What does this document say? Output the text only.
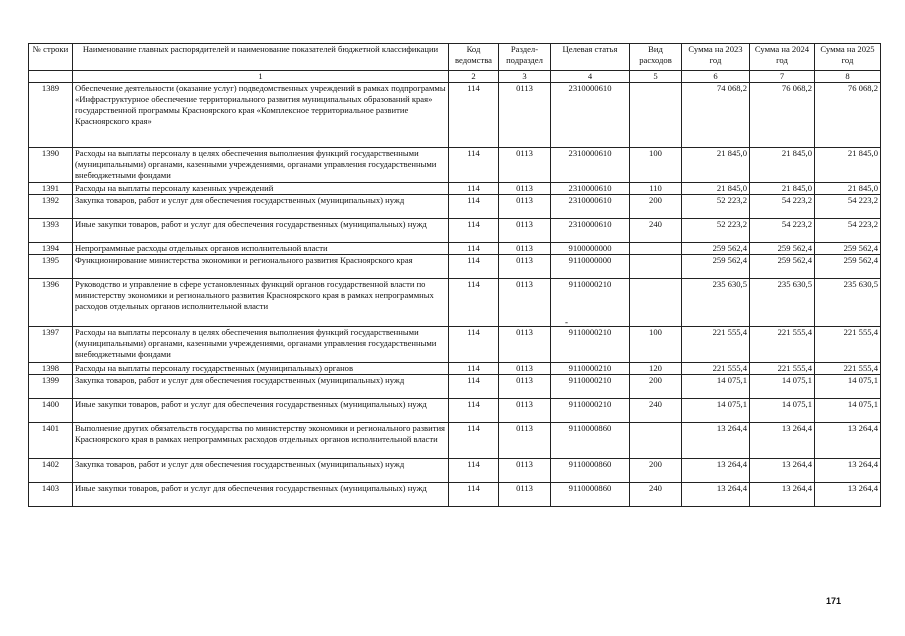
№ строки	Наименование главных распорядителей и наименование показателей бюджетной классификации	Код ведомства	Раздел-подраздел	Целевая статья	Вид расходов	Сумма на 2023 год	Сумма на 2024 год	Сумма на 2025 год
	1	2	3	4	5	6	7	8
1389	Обеспечение деятельности (оказание услуг) подведомственных учреждений в рамках подпрограммы «Инфраструктурное обеспечение территориального развития муниципальных образований края» государственной программы Красноярского края «Комплексное территориальное развитие Красноярского края»	114	0113	2310000610		74 068,2	76 068,2	76 068,2
1390	Расходы на выплаты персоналу в целях обеспечения выполнения функций государственными (муниципальными) органами, казенными учреждениями, органами управления государственными внебюджетными фондами	114	0113	2310000610	100	21 845,0	21 845,0	21 845,0
1391	Расходы на выплаты персоналу казенных учреждений	114	0113	2310000610	110	21 845,0	21 845,0	21 845,0
1392	Закупка товаров, работ и услуг для обеспечения государственных (муниципальных) нужд	114	0113	2310000610	200	52 223,2	54 223,2	54 223,2
1393	Иные закупки товаров, работ и услуг для обеспечения государственных (муниципальных) нужд	114	0113	2310000610	240	52 223,2	54 223,2	54 223,2
1394	Непрограммные расходы отдельных органов исполнительной власти	114	0113	9100000000		259 562,4	259 562,4	259 562,4
1395	Функционирование министерства экономики и регионального развития Красноярского края	114	0113	9110000000		259 562,4	259 562,4	259 562,4
1396	Руководство и управление в сфере установленных функций органов государственной власти по министерству экономики и регионального развития Красноярского края в рамках непрограммных расходов отдельных органов исполнительной власти	114	0113	9110000210		235 630,5	235 630,5	235 630,5
1397	Расходы на выплаты персоналу в целях обеспечения выполнения функций государственными (муниципальными) органами, казенными учреждениями, органами управления государственными внебюджетными фондами	114	0113	9110000210	100	221 555,4	221 555,4	221 555,4
1398	Расходы на выплаты персоналу государственных (муниципальных) органов	114	0113	9110000210	120	221 555,4	221 555,4	221 555,4
1399	Закупка товаров, работ и услуг для обеспечения государственных (муниципальных) нужд	114	0113	9110000210	200	14 075,1	14 075,1	14 075,1
1400	Иные закупки товаров, работ и услуг для обеспечения государственных (муниципальных) нужд	114	0113	9110000210	240	14 075,1	14 075,1	14 075,1
1401	Выполнение других обязательств государства по министерству экономики и регионального развития Красноярского края в рамках непрограммных расходов отдельных органов исполнительной власти	114	0113	9110000860		13 264,4	13 264,4	13 264,4
1402	Закупка товаров, работ и услуг для обеспечения государственных (муниципальных) нужд	114	0113	9110000860	200	13 264,4	13 264,4	13 264,4
1403	Иные закупки товаров, работ и услуг для обеспечения государственных (муниципальных) нужд	114	0113	9110000860	240	13 264,4	13 264,4	13 264,4
-
171
